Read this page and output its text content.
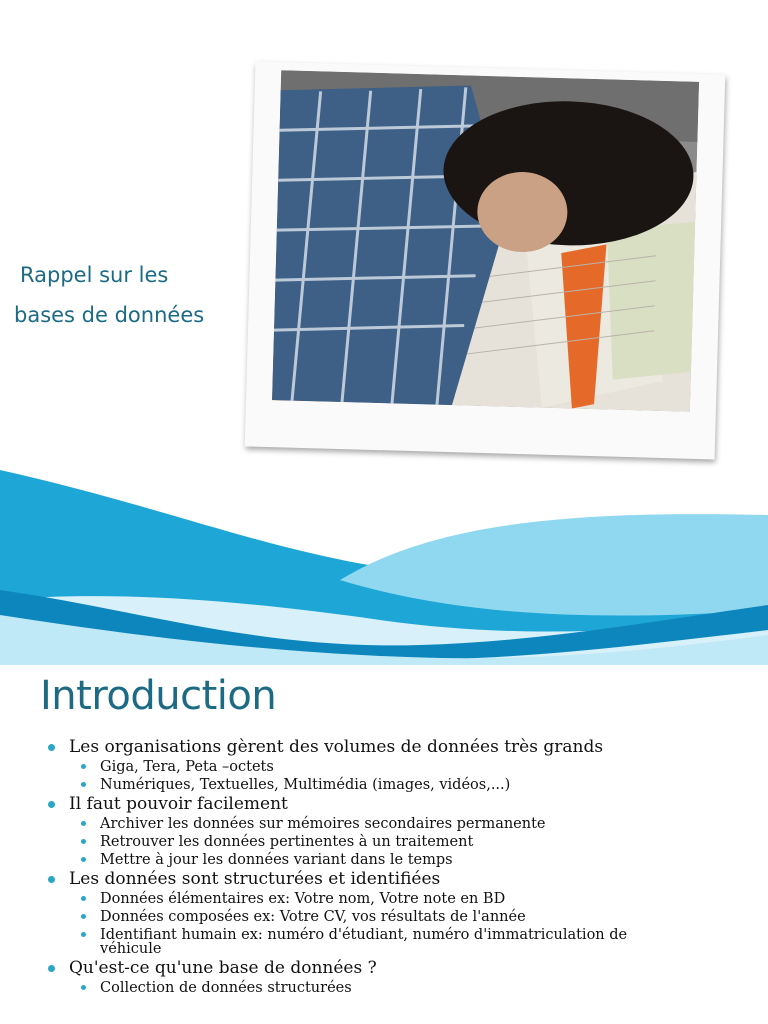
Rappel sur les
bases de données
Introduction
Les organisations gèrent des volumes de données très grands
Giga, Tera, Peta –octets
Numériques, Textuelles, Multimédia (images, vidéos,...)
Il faut pouvoir facilement
Archiver les données sur mémoires secondaires permanente
Retrouver les données pertinentes à un traitement
Mettre à jour les données variant dans le temps
Les données sont structurées et identifiées
Données élémentaires ex: Votre nom, Votre note en BD
Données composées ex: Votre CV, vos résultats de l'année
Identifiant humain ex: numéro d'étudiant, numéro d'immatriculation de véhicule
Qu'est-ce qu'une base de données ?
Collection de données structurées
